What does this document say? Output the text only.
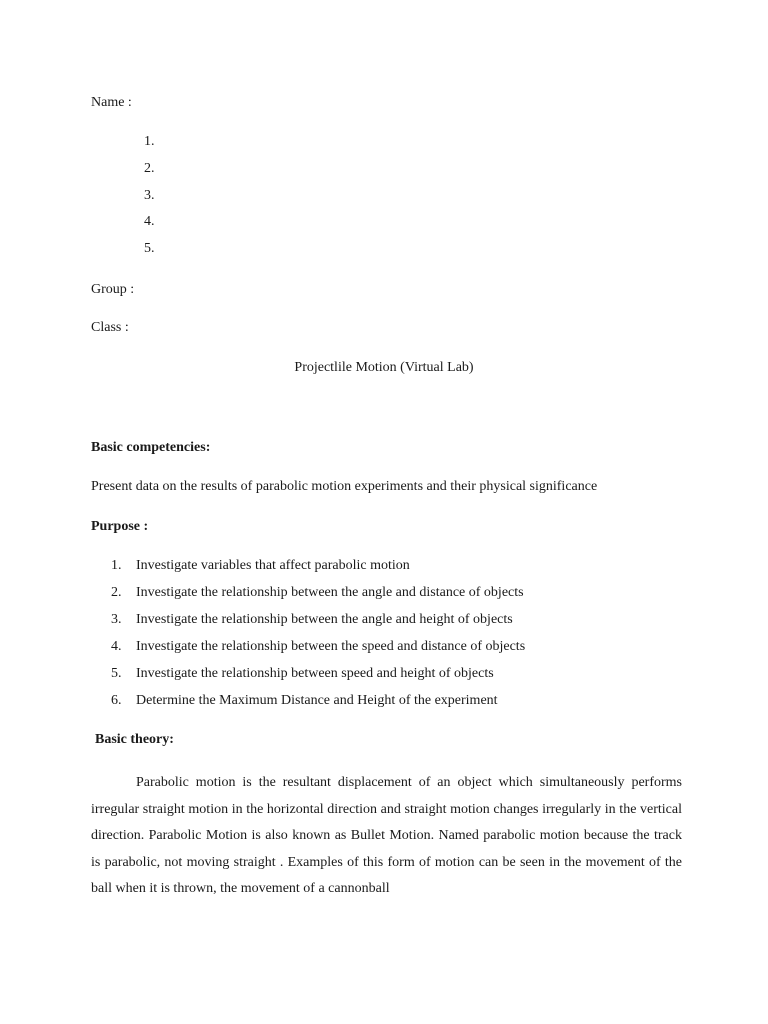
Name :
1.
2.
3.
4.
5.
Group :
Class :
Projectlile Motion (Virtual Lab)
Basic competencies:
Present data on the results of parabolic motion experiments and their physical significance
Purpose :
1. Investigate variables that affect parabolic motion
2. Investigate the relationship between the angle and distance of objects
3. Investigate the relationship between the angle and height of objects
4. Investigate the relationship between the speed and distance of objects
5. Investigate the relationship between speed and height of objects
6. Determine the Maximum Distance and Height of the experiment
Basic theory:
Parabolic motion is the resultant displacement of an object which simultaneously performs irregular straight motion in the horizontal direction and straight motion changes irregularly in the vertical direction. Parabolic Motion is also known as Bullet Motion. Named parabolic motion because the track is parabolic, not moving straight . Examples of this form of motion can be seen in the movement of the ball when it is thrown, the movement of a cannonball
